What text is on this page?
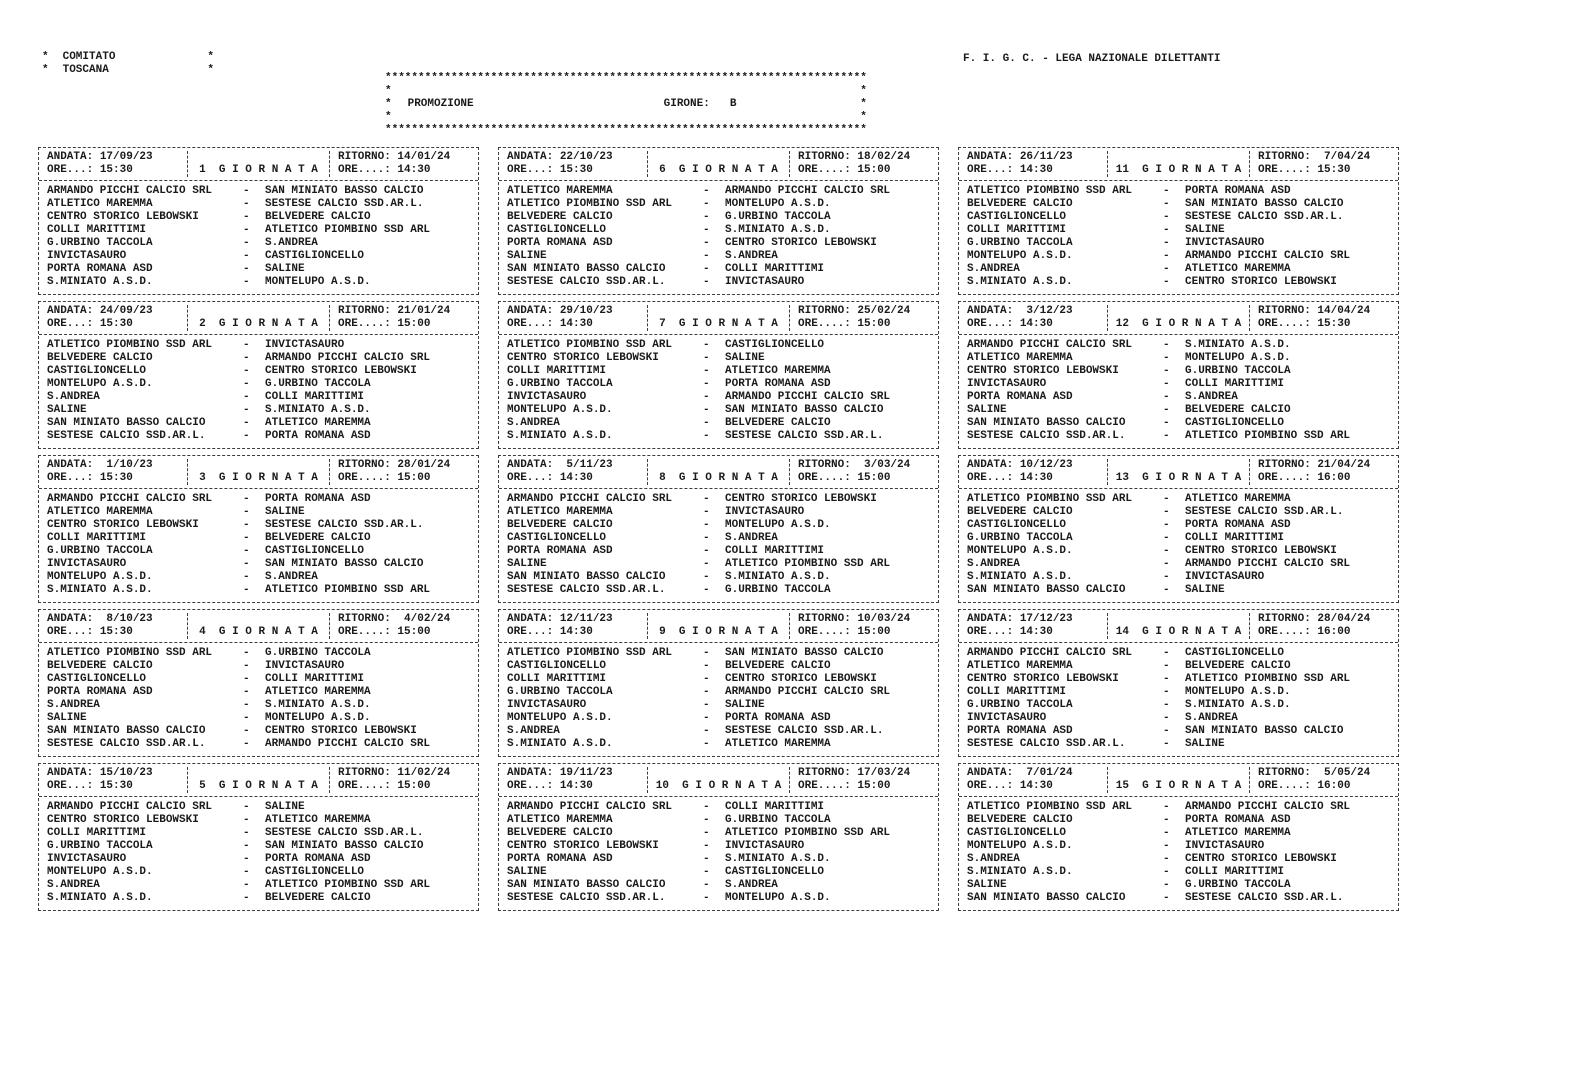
* COMITATO	*
* TOSCANA	*
F. I. G. C. - LEGA NAZIONALE DILETTANTI
*************************************************************************
*	*
* PROMOZIONE	GIRONE: B	*
*	*
*************************************************************************
ANDATA: 17/09/23
ORE...: 15:30	1  G I O R N A T A
RITORNO: 14/01/24
ORE....: 14:30
ARMANDO PICCHI CALCIO SRL	-	SAN MINIATO BASSO CALCIO
ATLETICO MAREMMA	-	SESTESE CALCIO SSD.AR.L.
CENTRO STORICO LEBOWSKI	-	BELVEDERE CALCIO
COLLI MARITTIMI	-	ATLETICO PIOMBINO SSD ARL
G.URBINO TACCOLA	-	S.ANDREA
INVICTASAURO	-	CASTIGLIONCELLO
PORTA ROMANA ASD	-	SALINE
S.MINIATO A.S.D.	-	MONTELUPO A.S.D.
ANDATA: 24/09/23
ORE...: 15:30	2  G I O R N A T A
RITORNO: 21/01/24
ORE....: 15:00
ATLETICO PIOMBINO SSD ARL	-	INVICTASAURO
BELVEDERE CALCIO	-	ARMANDO PICCHI CALCIO SRL
CASTIGLIONCELLO	-	CENTRO STORICO LEBOWSKI
MONTELUPO A.S.D.	-	G.URBINO TACCOLA
S.ANDREA	-	COLLI MARITTIMI
SALINE	-	S.MINIATO A.S.D.
SAN MINIATO BASSO CALCIO	-	ATLETICO MAREMMA
SESTESE CALCIO SSD.AR.L.	-	PORTA ROMANA ASD
ANDATA:  1/10/23
ORE...: 15:30	3  G I O R N A T A
RITORNO: 28/01/24
ORE....: 15:00
ARMANDO PICCHI CALCIO SRL	-	PORTA ROMANA ASD
ATLETICO MAREMMA	-	SALINE
CENTRO STORICO LEBOWSKI	-	SESTESE CALCIO SSD.AR.L.
COLLI MARITTIMI	-	BELVEDERE CALCIO
G.URBINO TACCOLA	-	CASTIGLIONCELLO
INVICTASAURO	-	SAN MINIATO BASSO CALCIO
MONTELUPO A.S.D.	-	S.ANDREA
S.MINIATO A.S.D.	-	ATLETICO PIOMBINO SSD ARL
ANDATA:  8/10/23
ORE...: 15:30	4  G I O R N A T A
RITORNO:  4/02/24
ORE....: 15:00
ATLETICO PIOMBINO SSD ARL	-	G.URBINO TACCOLA
BELVEDERE CALCIO	-	INVICTASAURO
CASTIGLIONCELLO	-	COLLI MARITTIMI
PORTA ROMANA ASD	-	ATLETICO MAREMMA
S.ANDREA	-	S.MINIATO A.S.D.
SALINE	-	MONTELUPO A.S.D.
SAN MINIATO BASSO CALCIO	-	CENTRO STORICO LEBOWSKI
SESTESE CALCIO SSD.AR.L.	-	ARMANDO PICCHI CALCIO SRL
ANDATA: 15/10/23
ORE...: 15:30	5  G I O R N A T A
RITORNO: 11/02/24
ORE....: 15:00
ARMANDO PICCHI CALCIO SRL	-	SALINE
CENTRO STORICO LEBOWSKI	-	ATLETICO MAREMMA
COLLI MARITTIMI	-	SESTESE CALCIO SSD.AR.L.
G.URBINO TACCOLA	-	SAN MINIATO BASSO CALCIO
INVICTASAURO	-	PORTA ROMANA ASD
MONTELUPO A.S.D.	-	CASTIGLIONCELLO
S.ANDREA	-	ATLETICO PIOMBINO SSD ARL
S.MINIATO A.S.D.	-	BELVEDERE CALCIO
ANDATA: 22/10/23
ORE...: 15:30	6  G I O R N A T A
RITORNO: 18/02/24
ORE....: 15:00
ATLETICO MAREMMA	-	ARMANDO PICCHI CALCIO SRL
ATLETICO PIOMBINO SSD ARL	-	MONTELUPO A.S.D.
BELVEDERE CALCIO	-	G.URBINO TACCOLA
CASTIGLIONCELLO	-	S.MINIATO A.S.D.
PORTA ROMANA ASD	-	CENTRO STORICO LEBOWSKI
SALINE	-	S.ANDREA
SAN MINIATO BASSO CALCIO	-	COLLI MARITTIMI
SESTESE CALCIO SSD.AR.L.	-	INVICTASAURO
ANDATA: 29/10/23
ORE...: 14:30	7  G I O R N A T A
RITORNO: 25/02/24
ORE....: 15:00
ATLETICO PIOMBINO SSD ARL	-	CASTIGLIONCELLO
CENTRO STORICO LEBOWSKI	-	SALINE
COLLI MARITTIMI	-	ATLETICO MAREMMA
G.URBINO TACCOLA	-	PORTA ROMANA ASD
INVICTASAURO	-	ARMANDO PICCHI CALCIO SRL
MONTELUPO A.S.D.	-	SAN MINIATO BASSO CALCIO
S.ANDREA	-	BELVEDERE CALCIO
S.MINIATO A.S.D.	-	SESTESE CALCIO SSD.AR.L.
ANDATA:  5/11/23
ORE...: 14:30	8  G I O R N A T A
RITORNO:  3/03/24
ORE....: 15:00
ARMANDO PICCHI CALCIO SRL	-	CENTRO STORICO LEBOWSKI
ATLETICO MAREMMA	-	INVICTASAURO
BELVEDERE CALCIO	-	MONTELUPO A.S.D.
CASTIGLIONCELLO	-	S.ANDREA
PORTA ROMANA ASD	-	COLLI MARITTIMI
SALINE	-	ATLETICO PIOMBINO SSD ARL
SAN MINIATO BASSO CALCIO	-	S.MINIATO A.S.D.
SESTESE CALCIO SSD.AR.L.	-	G.URBINO TACCOLA
ANDATA: 12/11/23
ORE...: 14:30	9  G I O R N A T A
RITORNO: 10/03/24
ORE....: 15:00
ATLETICO PIOMBINO SSD ARL	-	SAN MINIATO BASSO CALCIO
CASTIGLIONCELLO	-	BELVEDERE CALCIO
COLLI MARITTIMI	-	CENTRO STORICO LEBOWSKI
G.URBINO TACCOLA	-	ARMANDO PICCHI CALCIO SRL
INVICTASAURO	-	SALINE
MONTELUPO A.S.D.	-	PORTA ROMANA ASD
S.ANDREA	-	SESTESE CALCIO SSD.AR.L.
S.MINIATO A.S.D.	-	ATLETICO MAREMMA
ANDATA: 19/11/23
ORE...: 14:30	10  G I O R N A T A
RITORNO: 17/03/24
ORE....: 15:00
ARMANDO PICCHI CALCIO SRL	-	COLLI MARITTIMI
ATLETICO MAREMMA	-	G.URBINO TACCOLA
BELVEDERE CALCIO	-	ATLETICO PIOMBINO SSD ARL
CENTRO STORICO LEBOWSKI	-	INVICTASAURO
PORTA ROMANA ASD	-	S.MINIATO A.S.D.
SALINE	-	CASTIGLIONCELLO
SAN MINIATO BASSO CALCIO	-	S.ANDREA
SESTESE CALCIO SSD.AR.L.	-	MONTELUPO A.S.D.
ANDATA: 26/11/23
ORE...: 14:30	11  G I O R N A T A
RITORNO:  7/04/24
ORE....: 15:30
ATLETICO PIOMBINO SSD ARL	-	PORTA ROMANA ASD
BELVEDERE CALCIO	-	SAN MINIATO BASSO CALCIO
CASTIGLIONCELLO	-	SESTESE CALCIO SSD.AR.L.
COLLI MARITTIMI	-	SALINE
G.URBINO TACCOLA	-	INVICTASAURO
MONTELUPO A.S.D.	-	ARMANDO PICCHI CALCIO SRL
S.ANDREA	-	ATLETICO MAREMMA
S.MINIATO A.S.D.	-	CENTRO STORICO LEBOWSKI
ANDATA:  3/12/23
ORE...: 14:30	12  G I O R N A T A
RITORNO: 14/04/24
ORE....: 15:30
ARMANDO PICCHI CALCIO SRL	-	S.MINIATO A.S.D.
ATLETICO MAREMMA	-	MONTELUPO A.S.D.
CENTRO STORICO LEBOWSKI	-	G.URBINO TACCOLA
INVICTASAURO	-	COLLI MARITTIMI
PORTA ROMANA ASD	-	S.ANDREA
SALINE	-	BELVEDERE CALCIO
SAN MINIATO BASSO CALCIO	-	CASTIGLIONCELLO
SESTESE CALCIO SSD.AR.L.	-	ATLETICO PIOMBINO SSD ARL
ANDATA: 10/12/23
ORE...: 14:30	13  G I O R N A T A
RITORNO: 21/04/24
ORE....: 16:00
ATLETICO PIOMBINO SSD ARL	-	ATLETICO MAREMMA
BELVEDERE CALCIO	-	SESTESE CALCIO SSD.AR.L.
CASTIGLIONCELLO	-	PORTA ROMANA ASD
G.URBINO TACCOLA	-	COLLI MARITTIMI
MONTELUPO A.S.D.	-	CENTRO STORICO LEBOWSKI
S.ANDREA	-	ARMANDO PICCHI CALCIO SRL
S.MINIATO A.S.D.	-	INVICTASAURO
SAN MINIATO BASSO CALCIO	-	SALINE
ANDATA: 17/12/23
ORE...: 14:30	14  G I O R N A T A
RITORNO: 28/04/24
ORE....: 16:00
ARMANDO PICCHI CALCIO SRL	-	CASTIGLIONCELLO
ATLETICO MAREMMA	-	BELVEDERE CALCIO
CENTRO STORICO LEBOWSKI	-	ATLETICO PIOMBINO SSD ARL
COLLI MARITTIMI	-	MONTELUPO A.S.D.
G.URBINO TACCOLA	-	S.MINIATO A.S.D.
INVICTASAURO	-	S.ANDREA
PORTA ROMANA ASD	-	SAN MINIATO BASSO CALCIO
SESTESE CALCIO SSD.AR.L.	-	SALINE
ANDATA:  7/01/24
ORE...: 14:30	15  G I O R N A T A
RITORNO:  5/05/24
ORE....: 16:00
ATLETICO PIOMBINO SSD ARL	-	ARMANDO PICCHI CALCIO SRL
BELVEDERE CALCIO	-	PORTA ROMANA ASD
CASTIGLIONCELLO	-	ATLETICO MAREMMA
MONTELUPO A.S.D.	-	INVICTASAURO
S.ANDREA	-	CENTRO STORICO LEBOWSKI
S.MINIATO A.S.D.	-	COLLI MARITTIMI
SALINE	-	G.URBINO TACCOLA
SAN MINIATO BASSO CALCIO	-	SESTESE CALCIO SSD.AR.L.
